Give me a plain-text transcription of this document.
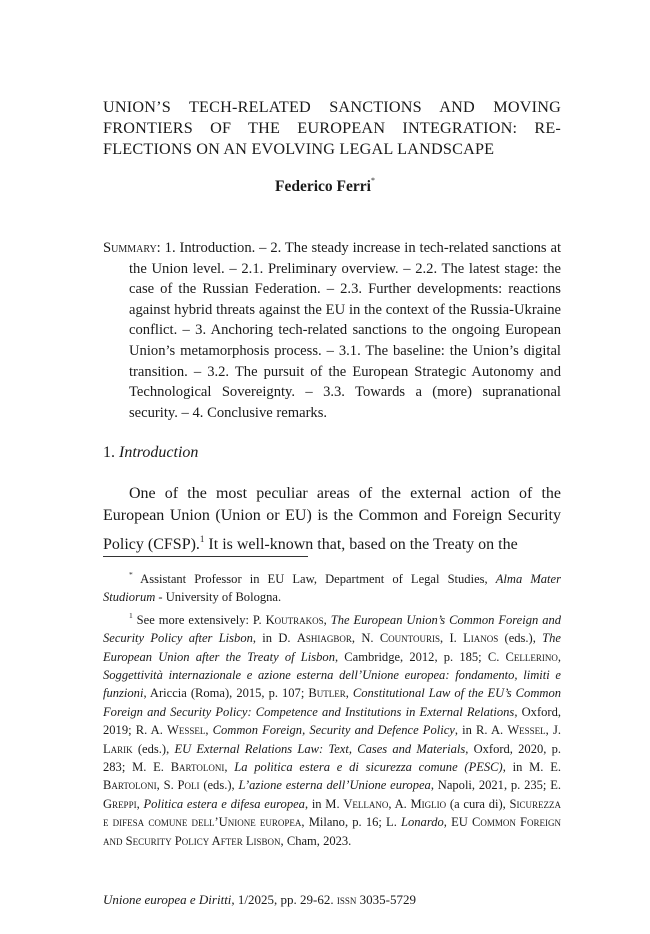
UNION’S TECH-RELATED SANCTIONS AND MOVING FRONTIERS OF THE EUROPEAN INTEGRATION: RE-FLECTIONS ON AN EVOLVING LEGAL LANDSCAPE

Federico Ferri*

Summary: 1. Introduction. – 2. The steady increase in tech-related sanctions at the Union level. – 2.1. Preliminary overview. – 2.2. The latest stage: the case of the Russian Federation. – 2.3. Further developments: reactions against hybrid threats against the EU in the context of the Russia-Ukraine conflict. – 3. Anchoring tech-related sanctions to the ongoing European Union’s metamorphosis process. – 3.1. The baseline: the Union’s digital transition. – 3.2. The pursuit of the European Strategic Autonomy and Technological Sovereignty. – 3.3. Towards a (more) supranational security. – 4. Conclusive remarks.

1. Introduction

One of the most peculiar areas of the external action of the European Union (Union or EU) is the Common and Foreign Security Policy (CFSP).$^1$ It is well-known that, based on the Treaty on the

* Assistant Professor in EU Law, Department of Legal Studies, Alma Mater Studiorum - University of Bologna.

$^1$ See more extensively: P. Koutrakos, The European Union’s Common Foreign and Security Policy after Lisbon, in D. Ashiagbor, N. Countouris, I. Lianos (eds.), The European Union after the Treaty of Lisbon, Cambridge, 2012, p. 185; C. Cellerino, Soggettività internazionale e azione esterna dell’Unione europea: fondamento, limiti e funzioni, Ariccia (Roma), 2015, p. 107; Butler, Constitutional Law of the EU’s Common Foreign and Security Policy: Competence and Institutions in External Relations, Oxford, 2019; R. A. Wessel, Common Foreign, Security and Defence Policy, in R. A. Wessel, J. Larik (eds.), EU External Relations Law: Text, Cases and Materials, Oxford, 2020, p. 283; M. E. Bartoloni, La politica estera e di sicurezza comune (PESC), in M. E. Bartoloni, S. Poli (eds.), L’azione esterna dell’Unione europea, Napoli, 2021, p. 235; E. Greppi, Politica estera e difesa europea, in M. Vellano, A. Miglio (a cura di), Sicurezza e difesa comune dell’Unione europea, Milano, p. 16; L. Lonardo, EU Common Foreign and Security Policy After Lisbon, Cham, 2023.

Unione europea e Diritti, 1/2025, pp. 29-62. issn 3035-5729
